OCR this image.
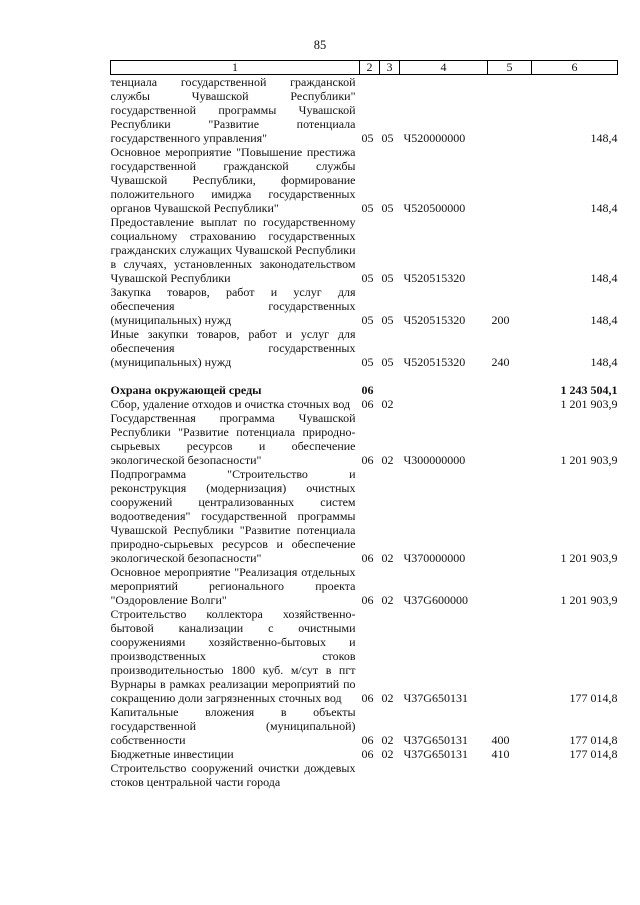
85
1	2	3	4	5	6
тенциала государственной гражданской службы Чувашской Республики" государственной программы Чувашской Республики "Развитие потенциала государственного управления"	05	05	Ч520000000		148,4
Основное мероприятие "Повышение престижа государственной гражданской службы Чувашской Республики, формирование положительного имиджа государственных органов Чувашской Республики"	05	05	Ч520500000		148,4
Предоставление выплат по государственному социальному страхованию государственных гражданских служащих Чувашской Республики в случаях, установленных законодательством Чувашской Республики	05	05	Ч520515320		148,4
Закупка товаров, работ и услуг для обеспечения государственных (муниципальных) нужд	05	05	Ч520515320	200	148,4
Иные закупки товаров, работ и услуг для обеспечения государственных (муниципальных) нужд	05	05	Ч520515320	240	148,4

Охрана окружающей среды	06				1 243 504,1
Сбор, удаление отходов и очистка сточных вод	06	02			1 201 903,9
Государственная программа Чувашской Республики "Развитие потенциала природно-сырьевых ресурсов и обеспечение экологической безопасности"	06	02	Ч300000000		1 201 903,9
Подпрограмма "Строительство и реконструкция (модернизация) очистных сооружений централизованных систем водоотведения" государственной программы Чувашской Республики "Развитие потенциала природно-сырьевых ресурсов и обеспечение экологической безопасности"	06	02	Ч370000000		1 201 903,9
Основное мероприятие "Реализация отдельных мероприятий регионального проекта "Оздоровление Волги"	06	02	Ч37G600000		1 201 903,9
Строительство коллектора хозяйственно-бытовой канализации с очистными сооружениями хозяйственно-бытовых и производственных стоков производительностью 1800 куб. м/сут в пгт Вурнары в рамках реализации мероприятий по сокращению доли загрязненных сточных вод	06	02	Ч37G650131		177 014,8
Капитальные вложения в объекты государственной (муниципальной) собственности	06	02	Ч37G650131	400	177 014,8
Бюджетные инвестиции	06	02	Ч37G650131	410	177 014,8
Строительство сооружений очистки дождевых стоков центральной части города					
